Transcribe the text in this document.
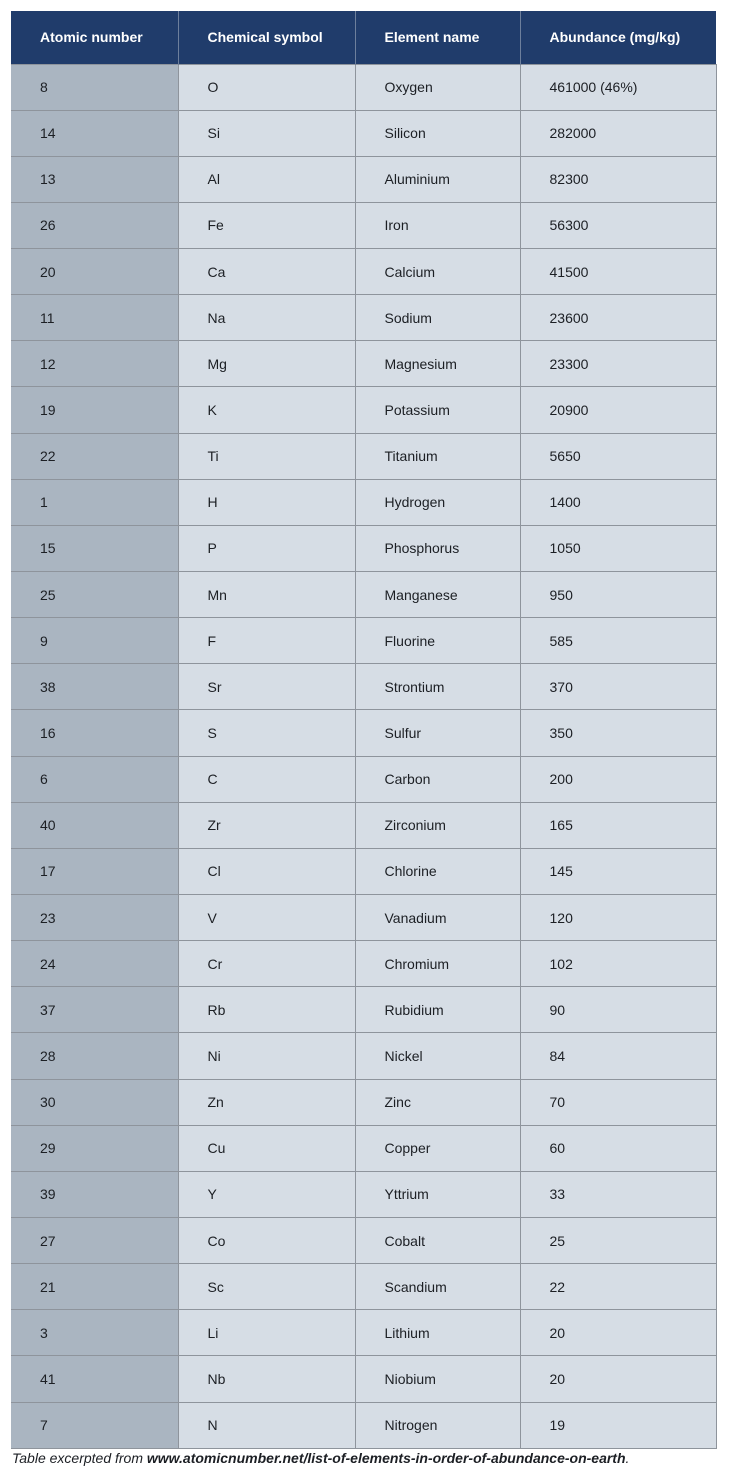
Atomic number	Chemical symbol	Element name	Abundance (mg/kg)
8	O	Oxygen	461000 (46%)
14	Si	Silicon	282000
13	Al	Aluminium	82300
26	Fe	Iron	56300
20	Ca	Calcium	41500
11	Na	Sodium	23600
12	Mg	Magnesium	23300
19	K	Potassium	20900
22	Ti	Titanium	5650
1	H	Hydrogen	1400
15	P	Phosphorus	1050
25	Mn	Manganese	950
9	F	Fluorine	585
38	Sr	Strontium	370
16	S	Sulfur	350
6	C	Carbon	200
40	Zr	Zirconium	165
17	Cl	Chlorine	145
23	V	Vanadium	120
24	Cr	Chromium	102
37	Rb	Rubidium	90
28	Ni	Nickel	84
30	Zn	Zinc	70
29	Cu	Copper	60
39	Y	Yttrium	33
27	Co	Cobalt	25
21	Sc	Scandium	22
3	Li	Lithium	20
41	Nb	Niobium	20
7	N	Nitrogen	19
Table excerpted from www.atomicnumber.net/list-of-elements-in-order-of-abundance-on-earth.
